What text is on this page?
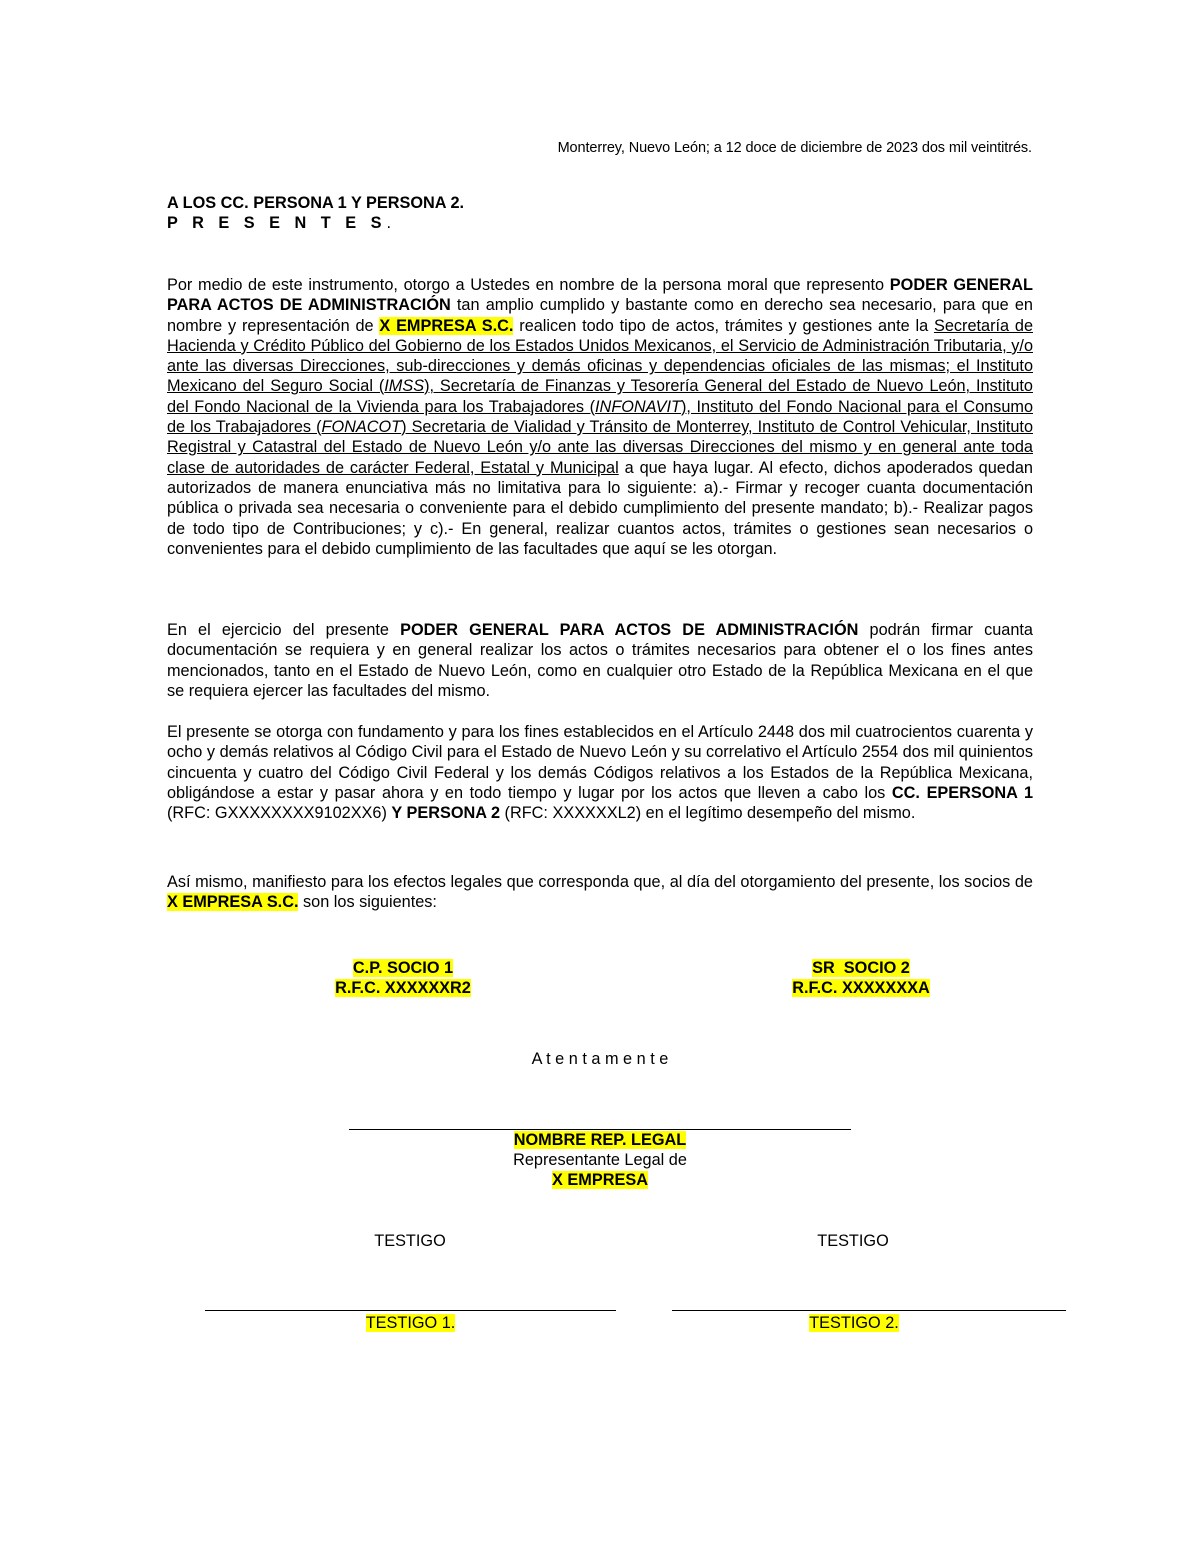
Monterrey, Nuevo León; a 12 doce de diciembre de 2023 dos mil veintitrés.
A LOS CC. PERSONA 1 Y PERSONA 2.
P R E S E N T E S.

Por medio de este instrumento, otorgo a Ustedes en nombre de la persona moral que represento PODER GENERAL PARA ACTOS DE ADMINISTRACIÓN tan amplio cumplido y bastante como en derecho sea necesario, para que en nombre y representación de X EMPRESA S.C. realicen todo tipo de actos, trámites y gestiones ante la Secretaría de Hacienda y Crédito Público del Gobierno de los Estados Unidos Mexicanos, el Servicio de Administración Tributaria, y/o ante las diversas Direcciones, sub-direcciones y demás oficinas y dependencias oficiales de las mismas; el Instituto Mexicano del Seguro Social (IMSS), Secretaría de Finanzas y Tesorería General del Estado de Nuevo León, Instituto del Fondo Nacional de la Vivienda para los Trabajadores (INFONAVIT), Instituto del Fondo Nacional para el Consumo de los Trabajadores (FONACOT) Secretaria de Vialidad y Tránsito de Monterrey, Instituto de Control Vehicular, Instituto Registral y Catastral del Estado de Nuevo León y/o ante las diversas Direcciones del mismo y en general ante toda clase de autoridades de carácter Federal, Estatal y Municipal a que haya lugar. Al efecto, dichos apoderados quedan autorizados de manera enunciativa más no limitativa para lo siguiente: a).- Firmar y recoger cuanta documentación pública o privada sea necesaria o conveniente para el debido cumplimiento del presente mandato; b).- Realizar pagos de todo tipo de Contribuciones; y c).- En general, realizar cuantos actos, trámites o gestiones sean necesarios o convenientes para el debido cumplimiento de las facultades que aquí se les otorgan.

En el ejercicio del presente PODER GENERAL PARA ACTOS DE ADMINISTRACIÓN podrán firmar cuanta documentación se requiera y en general realizar los actos o trámites necesarios para obtener el o los fines antes mencionados, tanto en el Estado de Nuevo León, como en cualquier otro Estado de la República Mexicana en el que se requiera ejercer las facultades del mismo.

El presente se otorga con fundamento y para los fines establecidos en el Artículo 2448 dos mil cuatrocientos cuarenta y ocho y demás relativos al Código Civil para el Estado de Nuevo León y su correlativo el Artículo 2554 dos mil quinientos cincuenta y cuatro del Código Civil Federal y los demás Códigos relativos a los Estados de la República Mexicana, obligándose a estar y pasar ahora y en todo tiempo y lugar por los actos que lleven a cabo los CC. EPERSONA 1 (RFC: GXXXXXXXX9102XX6) Y PERSONA 2 (RFC: XXXXXXL2) en el legítimo desempeño del mismo.

Así mismo, manifiesto para los efectos legales que corresponda que, al día del otorgamiento del presente, los socios de X EMPRESA S.C. son los siguientes:

C.P. SOCIO 1
R.F.C. XXXXXXR2
SR  SOCIO 2
R.F.C. XXXXXXXA
A t e n t a m e n t e
NOMBRE REP. LEGAL
Representante Legal de
X EMPRESA
TESTIGO	TESTIGO
TESTIGO 1.	TESTIGO 2.
